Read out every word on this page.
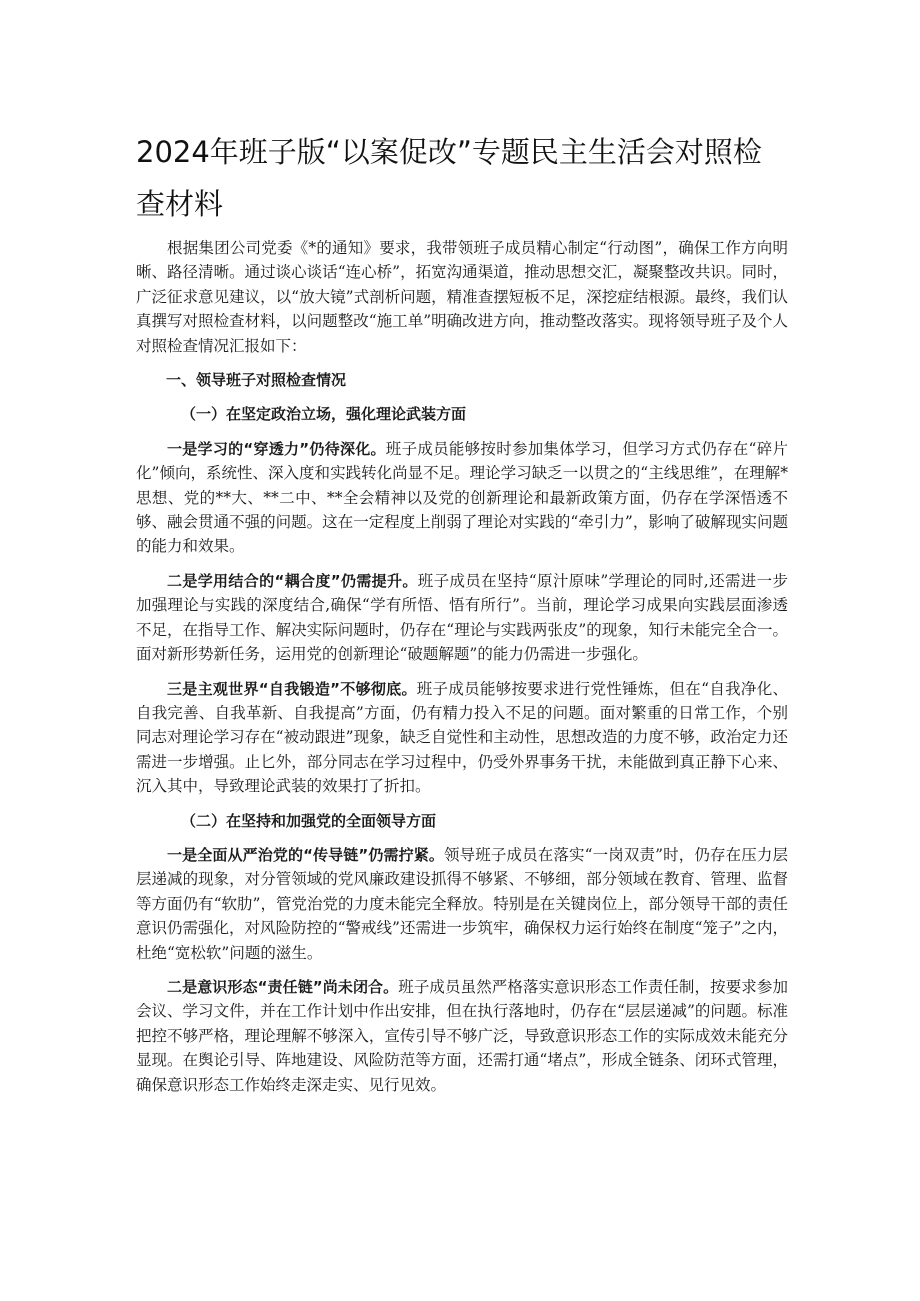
2024年班子版“以案促改”专题民主生活会对照检查材料

根据集团公司党委《*的通知》要求，我带领班子成员精心制定“行动图”，确保工作方向明晰、路径清晰。通过谈心谈话“连心桥”，拓宽沟通渠道，推动思想交汇，凝聚整改共识。同时，广泛征求意见建议，以“放大镜”式剖析问题，精准查摆短板不足，深挖症结根源。最终，我们认真撰写对照检查材料，以问题整改“施工单”明确改进方向，推动整改落实。现将领导班子及个人对照检查情况汇报如下：

一、领导班子对照检查情况
（一）在坚定政治立场，强化理论武装方面

一是学习的“穿透力”仍待深化。班子成员能够按时参加集体学习，但学习方式仍存在“碎片化”倾向，系统性、深入度和实践转化尚显不足。理论学习缺乏一以贯之的“主线思维”，在理解*思想、党的**大、**二中、**全会精神以及党的创新理论和最新政策方面，仍存在学深悟透不够、融会贯通不强的问题。这在一定程度上削弱了理论对实践的“牵引力”，影响了破解现实问题的能力和效果。

二是学用结合的“耦合度”仍需提升。班子成员在坚持“原汁原味”学理论的同时,还需进一步加强理论与实践的深度结合,确保“学有所悟、悟有所行”。当前，理论学习成果向实践层面渗透不足，在指导工作、解决实际问题时，仍存在“理论与实践两张皮”的现象，知行未能完全合一。面对新形势新任务，运用党的创新理论“破题解题”的能力仍需进一步强化。

三是主观世界“自我锻造”不够彻底。班子成员能够按要求进行党性锤炼，但在“自我净化、自我完善、自我革新、自我提高”方面，仍有精力投入不足的问题。面对繁重的日常工作，个别同志对理论学习存在“被动跟进”现象，缺乏自觉性和主动性，思想改造的力度不够，政治定力还需进一步增强。止匕外，部分同志在学习过程中，仍受外界事务干扰，未能做到真正静下心来、沉入其中，导致理论武装的效果打了折扣。

（二）在坚持和加强党的全面领导方面

一是全面从严治党的“传导链”仍需拧紧。领导班子成员在落实“一岗双责”时，仍存在压力层层递减的现象，对分管领域的党风廉政建设抓得不够紧、不够细，部分领域在教育、管理、监督等方面仍有“软肋”，管党治党的力度未能完全释放。特别是在关键岗位上，部分领导干部的责任意识仍需强化，对风险防控的“警戒线”还需进一步筑牢，确保权力运行始终在制度“笼子”之内，杜绝“宽松软”问题的滋生。

二是意识形态“责任链”尚未闭合。班子成员虽然严格落实意识形态工作责任制，按要求参加会议、学习文件，并在工作计划中作出安排，但在执行落地时，仍存在“层层递减”的问题。标准把控不够严格，理论理解不够深入，宣传引导不够广泛，导致意识形态工作的实际成效未能充分显现。在舆论引导、阵地建设、风险防范等方面，还需打通“堵点”，形成全链条、闭环式管理，确保意识形态工作始终走深走实、见行见效。
